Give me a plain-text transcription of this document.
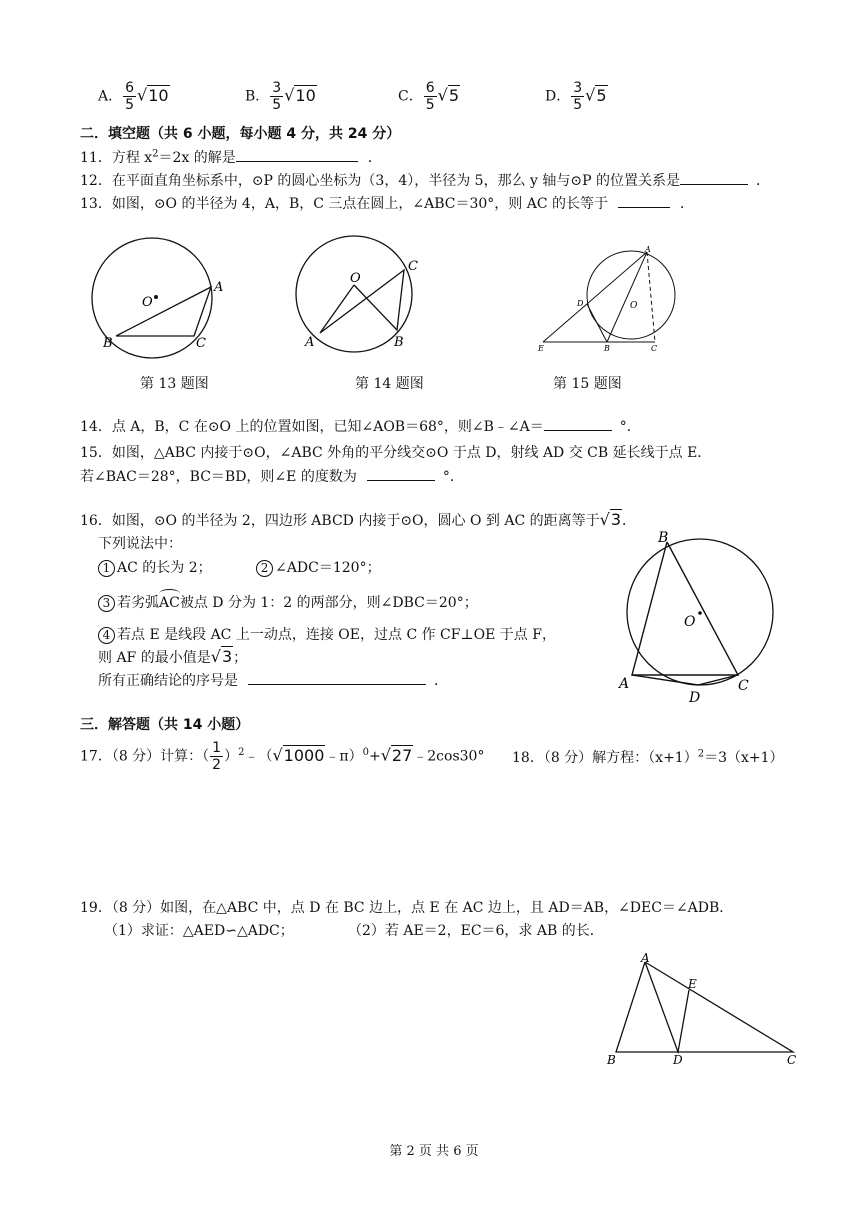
A． $\frac{6}{5} √10$	B． $\frac{3}{5} √10$	C． $\frac{6}{5} √5$	D． $\frac{3}{5} √5$
二．填空题（共 6 小题，每小题 4 分，共 24 分）
11．方程 $x^2=2x$ 的解是	．
12．在平面直角坐标系中，⊙P 的圆心坐标为（3，4），半径为 5，那么 y 轴与⊙P 的位置关系是	．
13．如图，⊙O 的半径为 4，A，B，C 三点在圆上，∠ABC＝30°，则 AC 的长等于	．
O
A
B	C
O
A	B
C
A
D	O
E	B	C
第 13 题图	第 14 题图	第 15 题图
14．点 A，B，C 在⊙O 上的位置如图，已知∠AOB＝68°，则∠B﹣∠A＝	°．
15．如图，△ABC 内接于⊙O，∠ABC 外角的平分线交⊙O 于点 D，射线 AD 交 CB 延长线于点 E．
若∠BAC＝28°，BC＝BD，则∠E 的度数为	°．
16．如图，⊙O 的半径为 2，四边形 ABCD 内接于⊙O，圆心 O 到 AC 的距离等于√3．
下列说法中：
1 AC 的长为 2；	2 ∠ADC＝120°；
3 若劣弧
AC被点 D 分为 1：2 的两部分，则∠DBC＝20°；
4 若点 E 是线段 AC 上一动点，连接 OE，过点 C 作 CF⊥OE 于点 F，
则 AF 的最小值是√3；
所有正确结论的序号是	．
B
O
A
D
C
三．解答题（共 14 小题）
17．（8 分）计算：（ $\frac{1}{2}$ ）$^2$﹣（√1000﹣π）$^0$+√27﹣2cos30° 18．（8 分）解方程：$(x+1)^2=3(x+1)$
19．（8 分）如图，在△ABC 中，点 D 在 BC 边上，点 E 在 AC 边上，且 AD＝AB，∠DEC＝∠ADB．
（1）求证：△AED∽△ADC；	（2）若 AE＝2，EC＝6，求 AB 的长．
A
E
B	D	C
第 2 页 共 6 页
